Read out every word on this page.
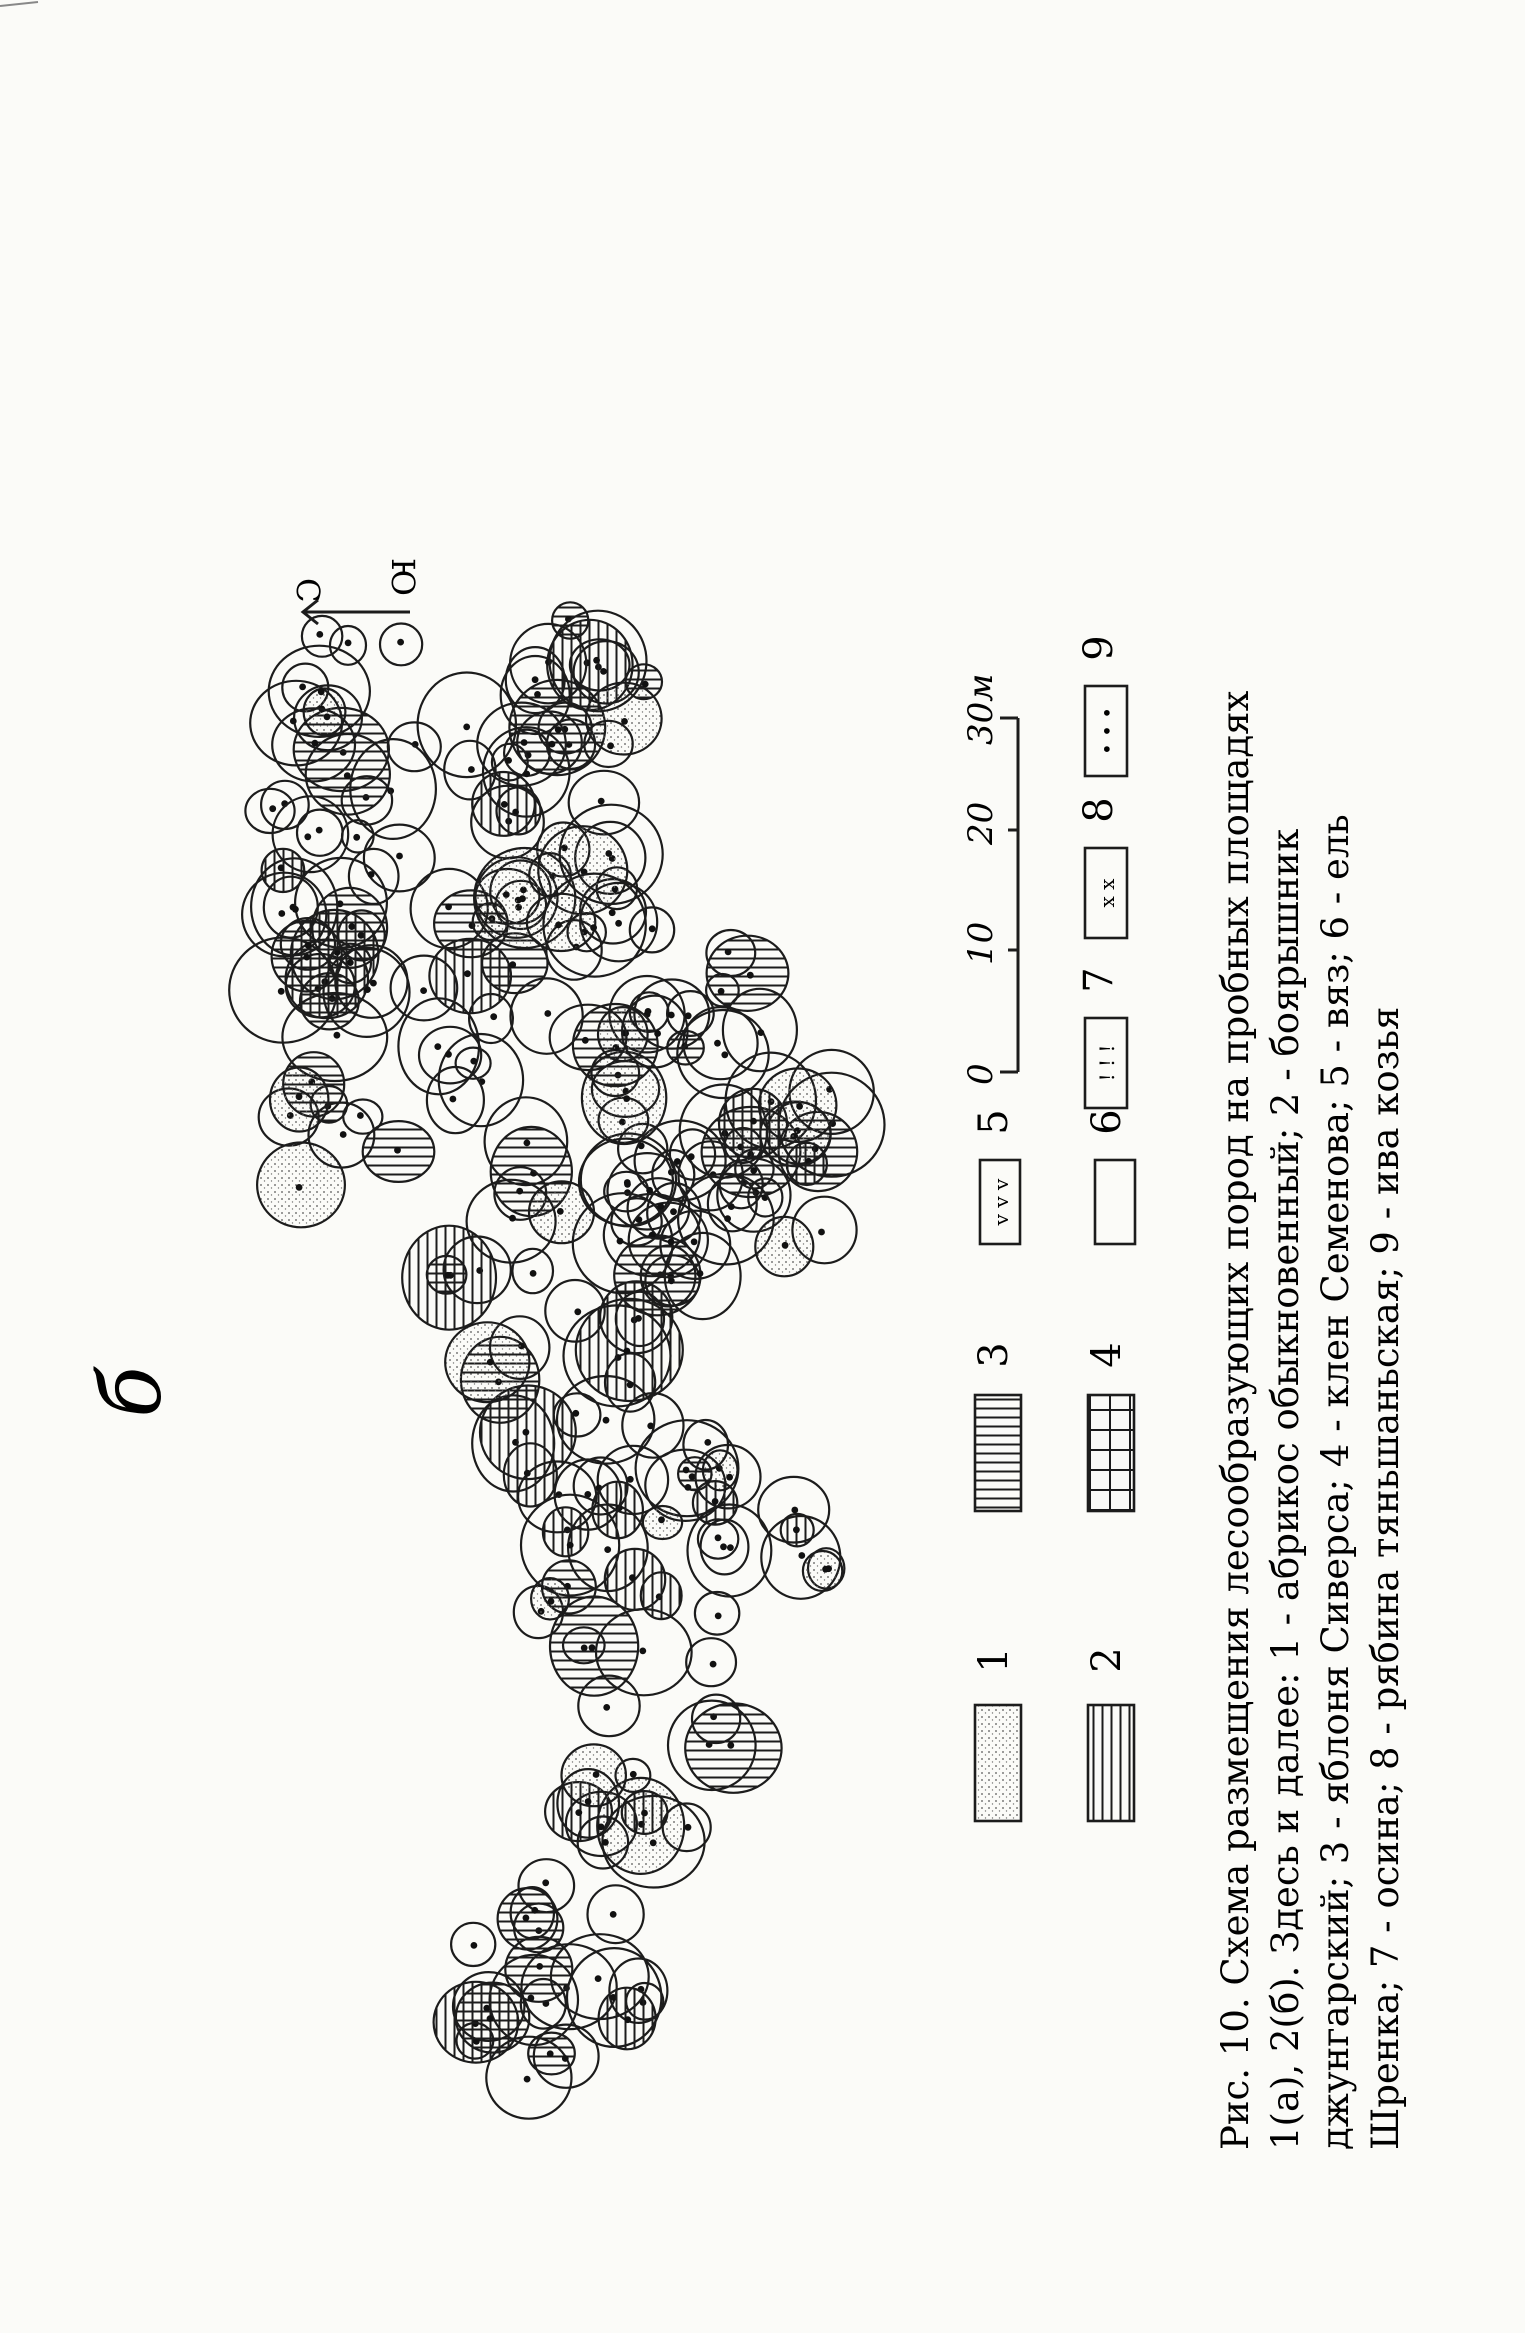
б
С Ю
1 2
3 4
v v v
5 6
! ! !
7
x x
8
• • •
9
0
10
20
30м	Рис. 10. Схема размещения лесообразующих пород на пробных площадях 1(а), 2(б). Здесь и далее: 1 - абрикос обыкновенный; 2 - боярышник джунгарский; 3 - яблоня Сиверса; 4 - клен Семенова; 5 - вяз; 6 - ель Шренка; 7 - осина; 8 - рябина тяньшаньская; 9 - ива козья
